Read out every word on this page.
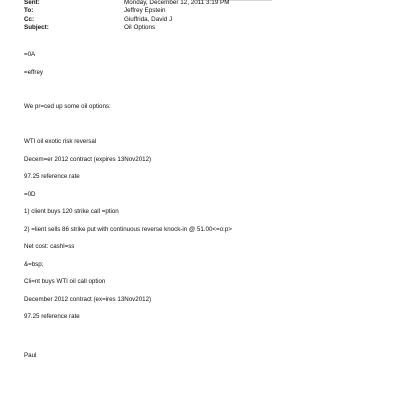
Sent:	Monday, December 12, 2011 3:19 PM
To:	Jeffrey Epstein
Cc:	Giuffrida, David J
Subject:	Oil Options
=0A
=effrey
We pr=ced up some oil options:
WTI oil exotic risk reversal
Decem=er 2012 contract (expires 13Nov2012)
97.25 reference rate
=0D
1) client buys 120 strike call =ption
2) =lient sells 86 strike put with continuous reverse knock-in @ 51.00<=o:p>
Net cost: cashl=ss
&=bsp;
Cli=nt buys WTI oil call option
December 2012 contract (ex=ires 13Nov2012)
97.25 reference rate
Paul
